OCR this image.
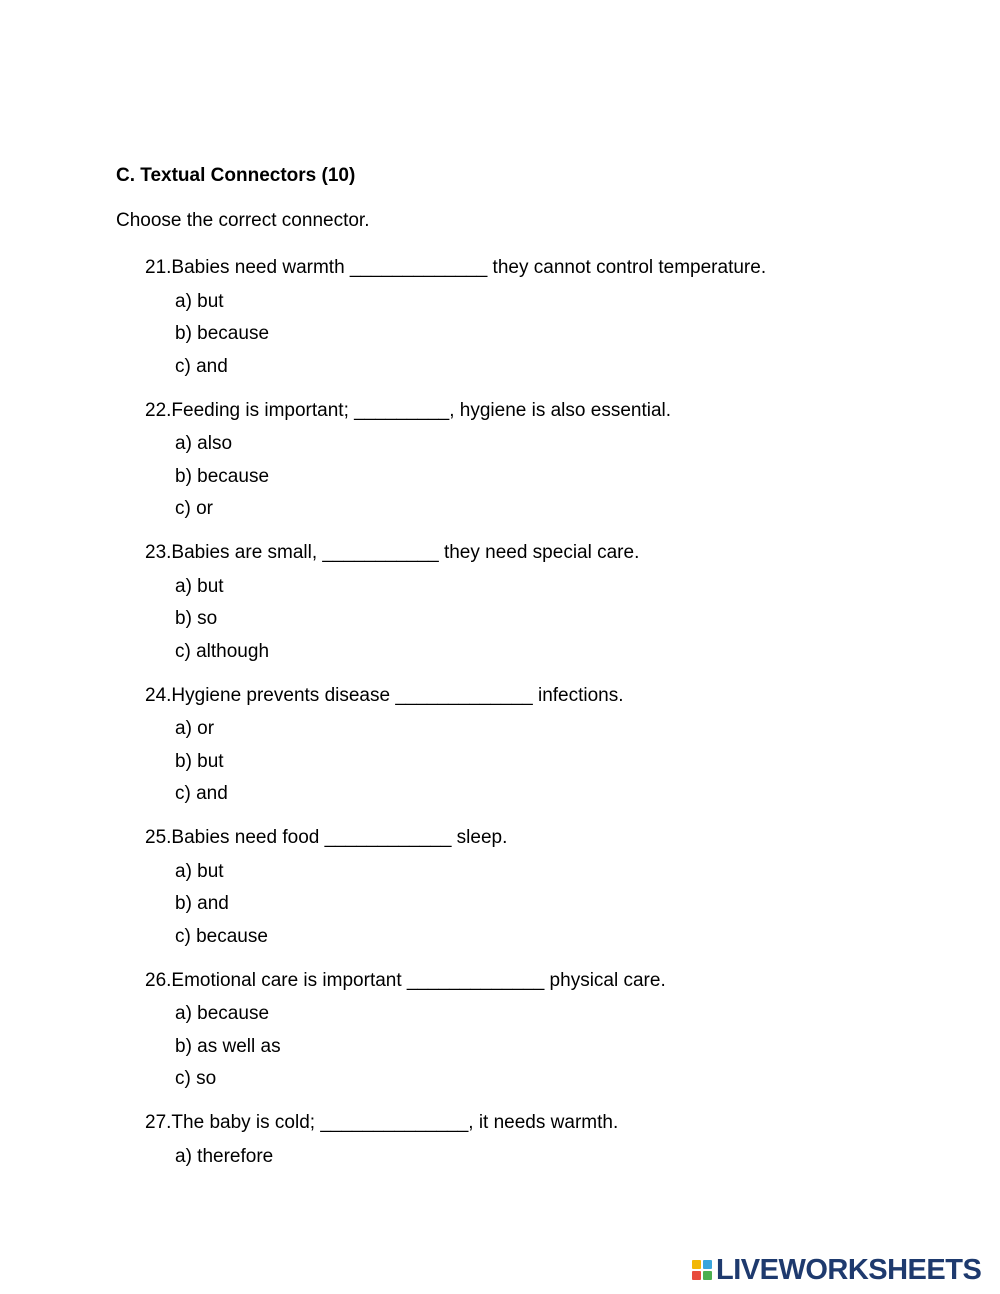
C. Textual Connectors (10)
Choose the correct connector.
21. Babies need warmth _____________ they cannot control temperature.
a) but
b) because
c) and
22. Feeding is important; _________, hygiene is also essential.
a) also
b) because
c) or
23. Babies are small, ___________ they need special care.
a) but
b) so
c) although
24. Hygiene prevents disease _____________ infections.
a) or
b) but
c) and
25. Babies need food ____________ sleep.
a) but
b) and
c) because
26. Emotional care is important _____________ physical care.
a) because
b) as well as
c) so
27. The baby is cold; ______________, it needs warmth.
a) therefore
LIVEWORKSHEETS
